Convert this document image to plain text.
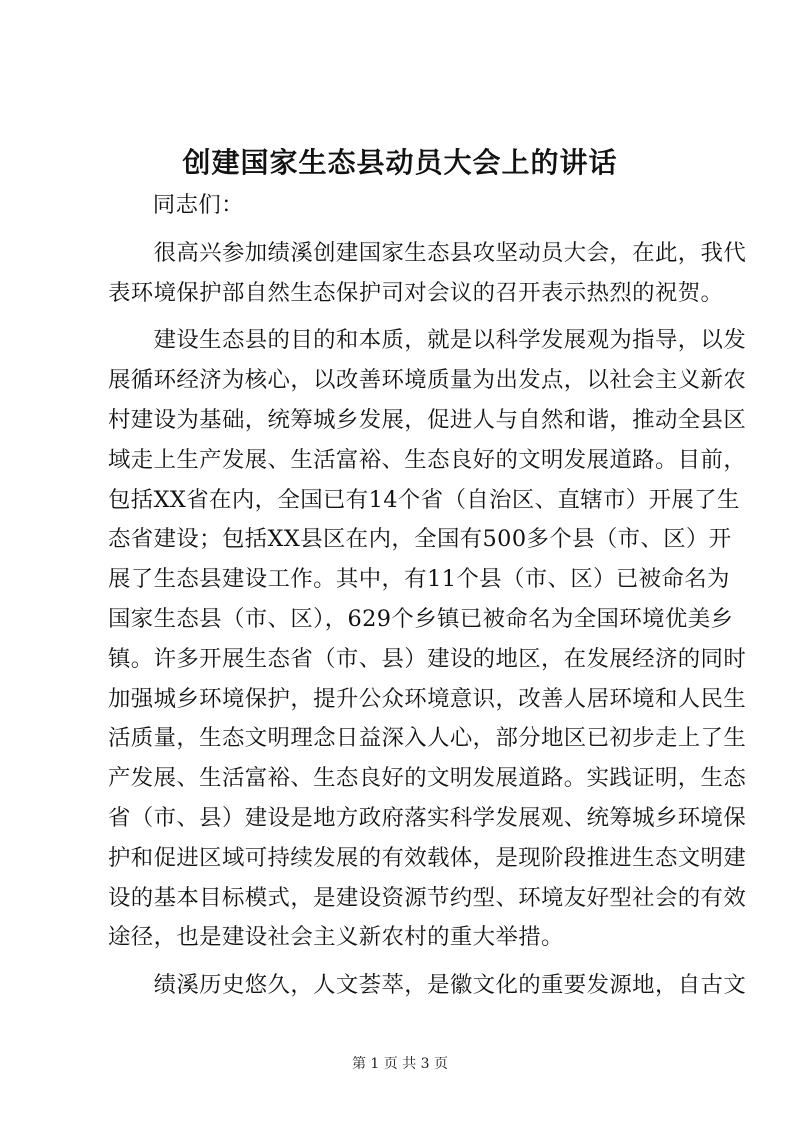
创建国家生态县动员大会上的讲话
同志们：
　　很高兴参加绩溪创建国家生态县攻坚动员大会，在此，我代
表环境保护部自然生态保护司对会议的召开表示热烈的祝贺。
　　建设生态县的目的和本质，就是以科学发展观为指导，以发
展循环经济为核心，以改善环境质量为出发点，以社会主义新农
村建设为基础，统筹城乡发展，促进人与自然和谐，推动全县区
域走上生产发展、生活富裕、生态良好的文明发展道路。目前，
包括XX省在内，全国已有14个省（自治区、直辖市）开展了生
态省建设；包括XX县区在内，全国有500多个县（市、区）开
展了生态县建设工作。其中，有11个县（市、区）已被命名为
国家生态县（市、区），629个乡镇已被命名为全国环境优美乡
镇。许多开展生态省（市、县）建设的地区，在发展经济的同时
加强城乡环境保护，提升公众环境意识，改善人居环境和人民生
活质量，生态文明理念日益深入人心，部分地区已初步走上了生
产发展、生活富裕、生态良好的文明发展道路。实践证明，生态
省（市、县）建设是地方政府落实科学发展观、统筹城乡环境保
护和促进区域可持续发展的有效载体，是现阶段推进生态文明建
设的基本目标模式，是建设资源节约型、环境友好型社会的有效
途径，也是建设社会主义新农村的重大举措。
　　绩溪历史悠久，人文荟萃，是徽文化的重要发源地，自古文
第 1 页 共 3 页
